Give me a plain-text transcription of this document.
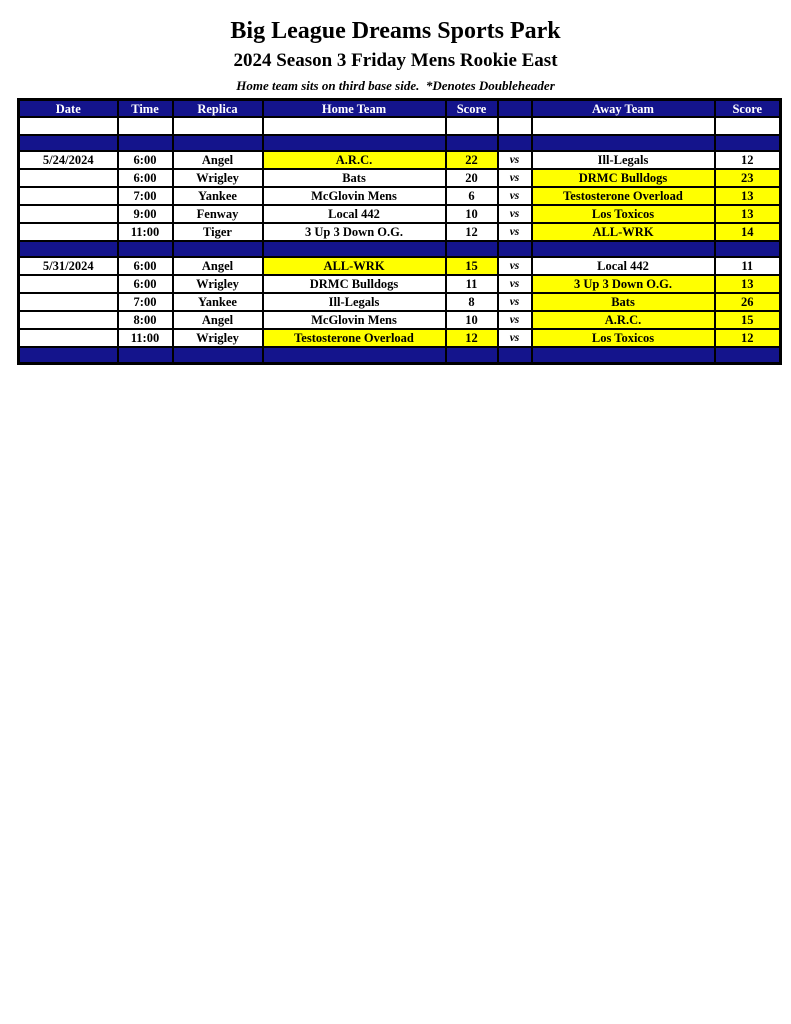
Big League Dreams Sports Park
2024 Season 3 Friday Mens Rookie East

Home team sits on third base side.  *Denotes Doubleheader

Date	Time	Replica	Home Team	Score		Away Team	Score

5/24/2024	6:00	Angel	A.R.C.	22	vs	Ill-Legals	12
	6:00	Wrigley	Bats	20	vs	DRMC Bulldogs	23
	7:00	Yankee	McGlovin Mens	6	vs	Testosterone Overload	13
	9:00	Fenway	Local 442	10	vs	Los Toxicos	13
	11:00	Tiger	3 Up 3 Down O.G.	12	vs	ALL-WRK	14

5/31/2024	6:00	Angel	ALL-WRK	15	vs	Local 442	11
	6:00	Wrigley	DRMC Bulldogs	11	vs	3 Up 3 Down O.G.	13
	7:00	Yankee	Ill-Legals	8	vs	Bats	26
	8:00	Angel	McGlovin Mens	10	vs	A.R.C.	15
	11:00	Wrigley	Testosterone Overload	12	vs	Los Toxicos	12
